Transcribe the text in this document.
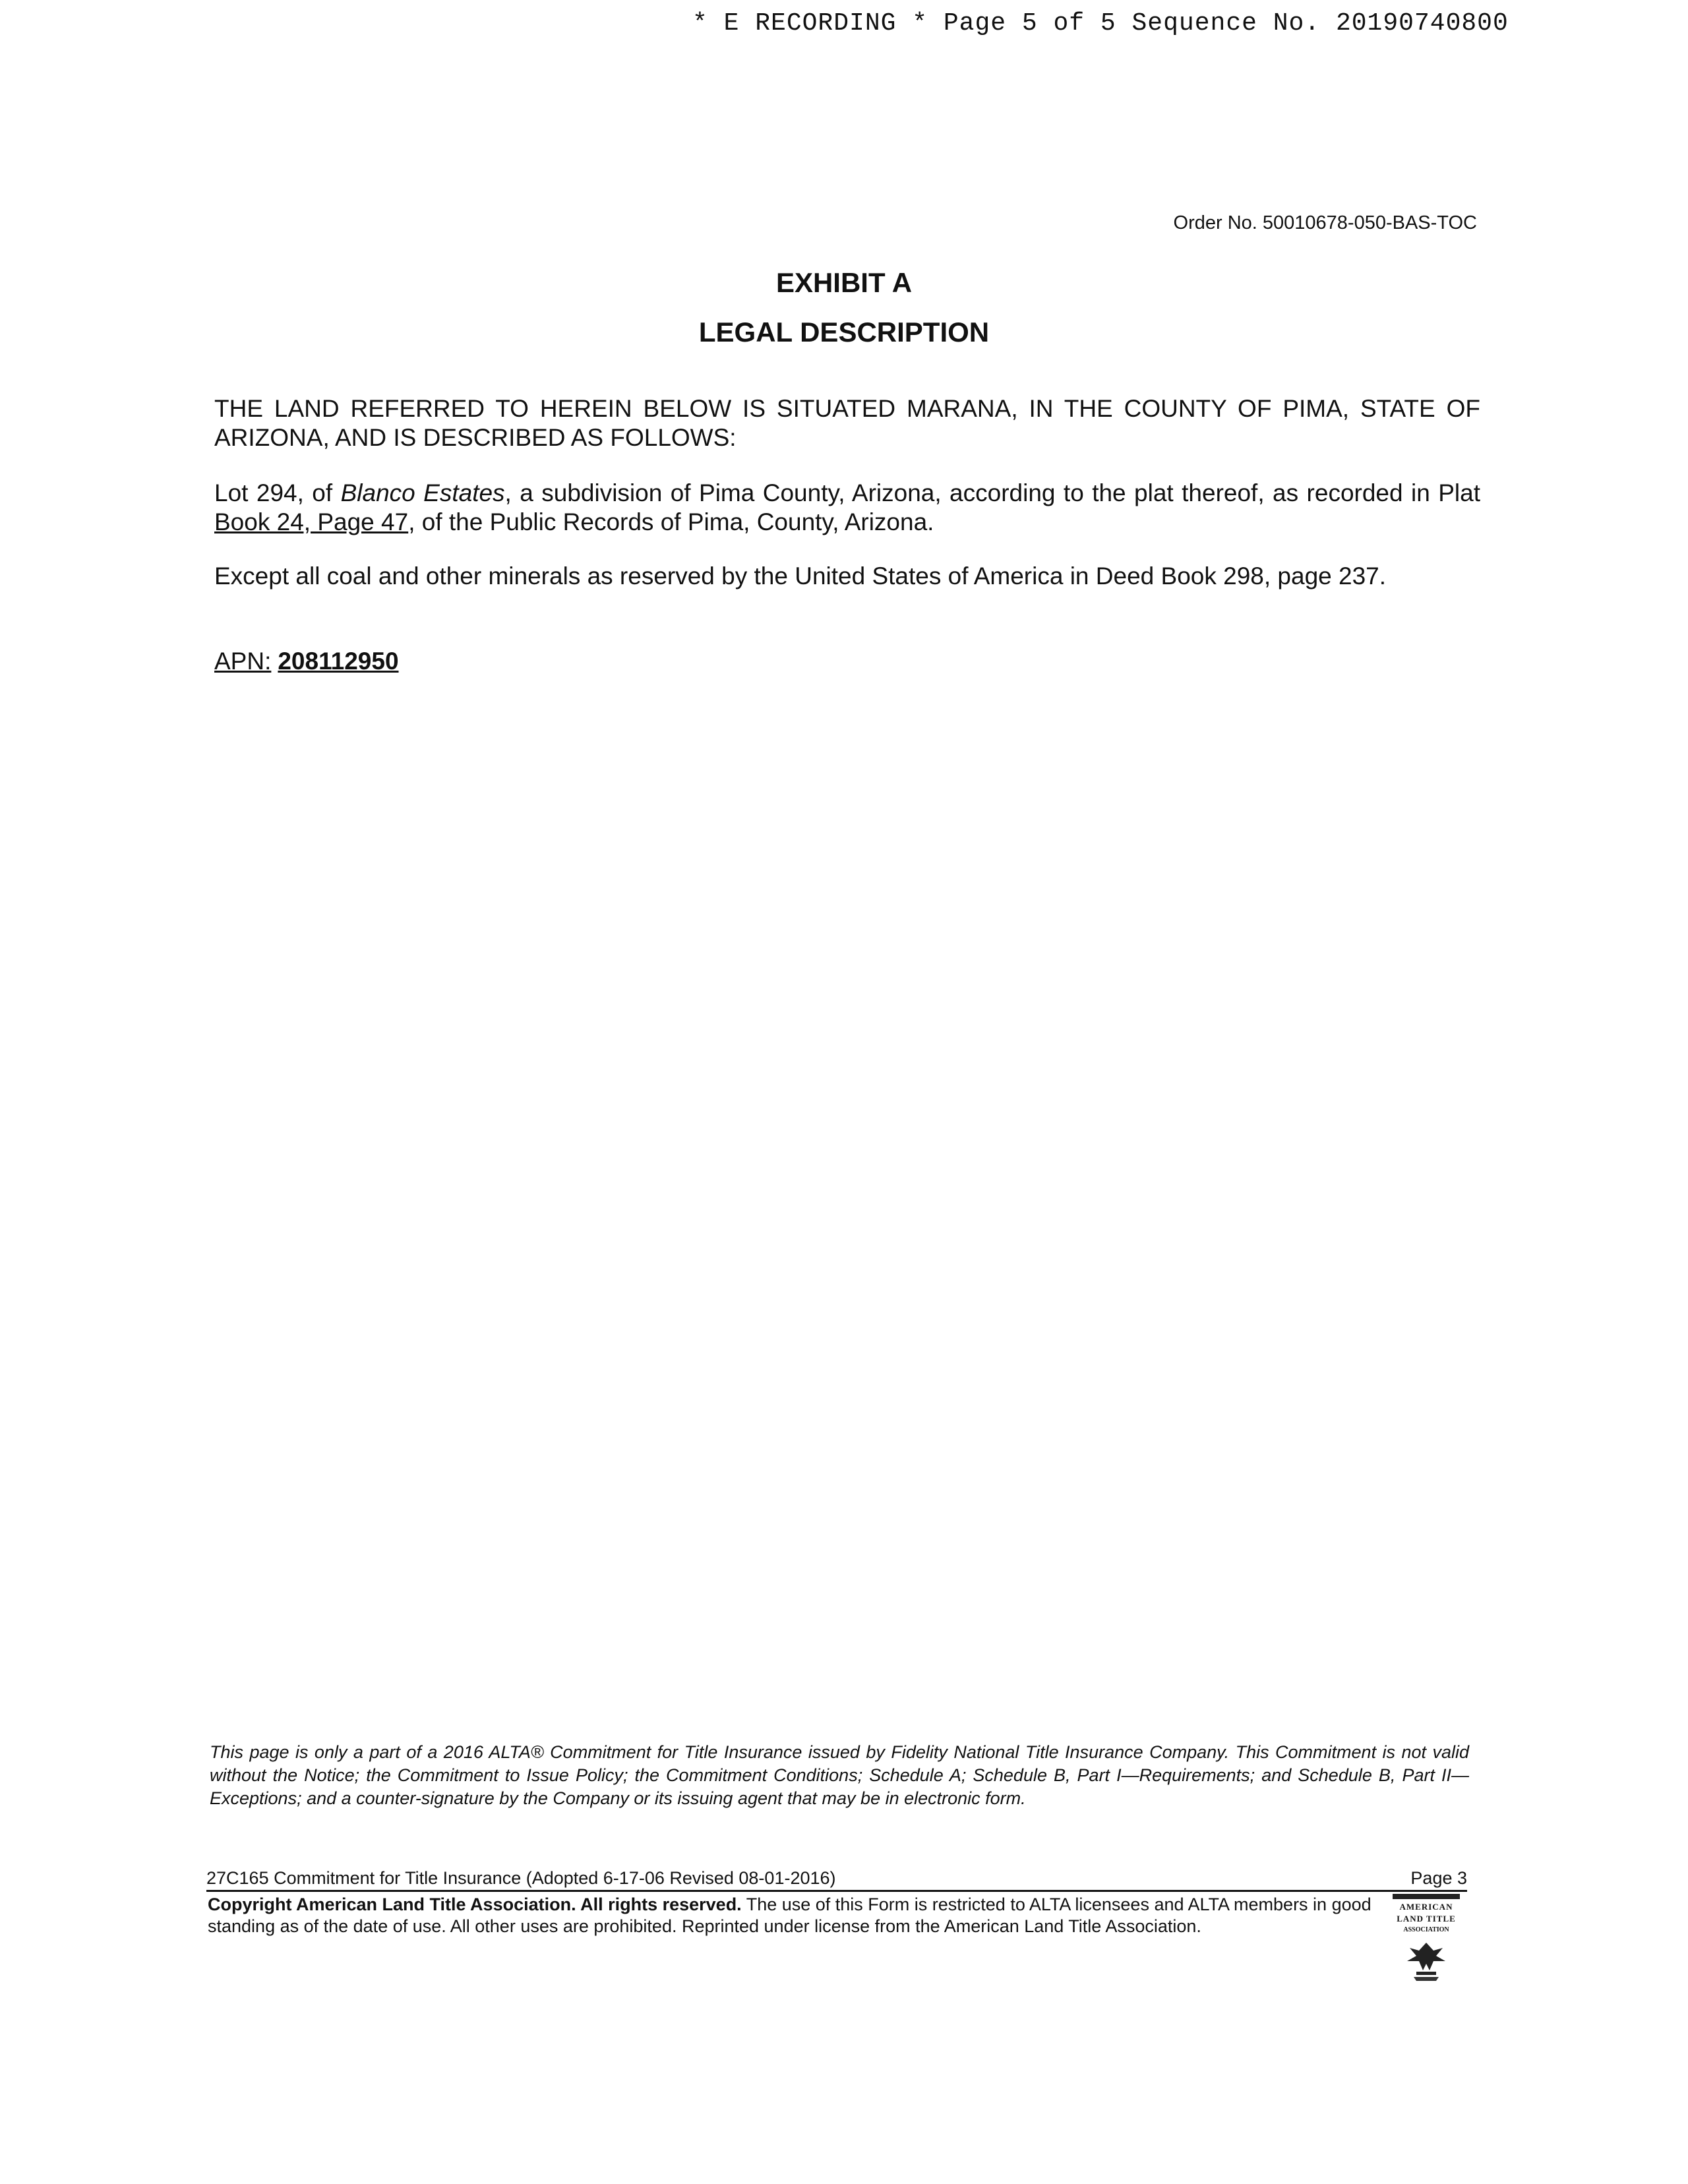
* E RECORDING * Page 5 of 5 Sequence No. 20190740800
Order No. 50010678-050-BAS-TOC
EXHIBIT A
LEGAL DESCRIPTION
THE LAND REFERRED TO HEREIN BELOW IS SITUATED MARANA, IN THE COUNTY OF PIMA, STATE OF ARIZONA, AND IS DESCRIBED AS FOLLOWS:
Lot 294, of Blanco Estates, a subdivision of Pima County, Arizona, according to the plat thereof, as recorded in Plat Book 24, Page 47, of the Public Records of Pima, County, Arizona.
Except all coal and other minerals as reserved by the United States of America in Deed Book 298, page 237.
APN: 208112950
This page is only a part of a 2016 ALTA® Commitment for Title Insurance issued by Fidelity National Title Insurance Company. This Commitment is not valid without the Notice; the Commitment to Issue Policy; the Commitment Conditions; Schedule A; Schedule B, Part I—Requirements; and Schedule B, Part II—Exceptions; and a counter-signature by the Company or its issuing agent that may be in electronic form.
27C165 Commitment for Title Insurance (Adopted 6-17-06 Revised 08-01-2016)	Page 3
Copyright American Land Title Association. All rights reserved. The use of this Form is restricted to ALTA licensees and ALTA members in good standing as of the date of use. All other uses are prohibited. Reprinted under license from the American Land Title Association.
AMERICAN
LAND TITLE
ASSOCIATION
